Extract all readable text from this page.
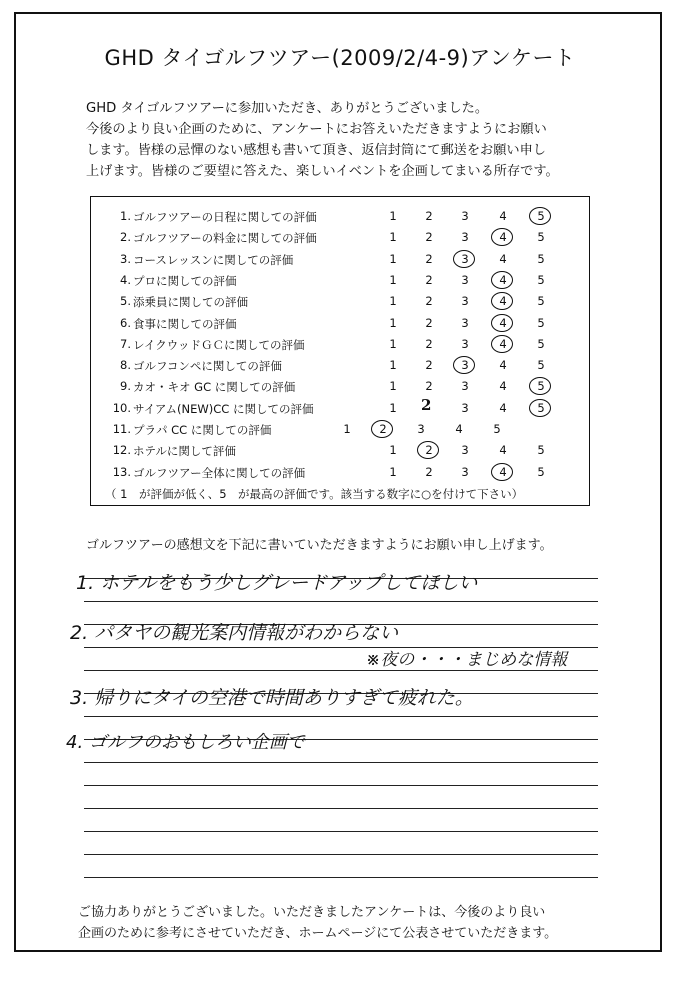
GHD タイゴルフツアー(2009/2/4-9)アンケート
GHD タイゴルフツアーに参加いただき、ありがとうございました。
今後のより良い企画のために、アンケートにお答えいただきますようにお願い
します。皆様の忌憚のない感想も書いて頂き、返信封筒にて郵送をお願い申し
上げます。皆様のご要望に答えた、楽しいイベントを企画してまいる所存です。
（ 1　が評価が低く、5　が最高の評価です。該当する数字に○を付けて下さい）
1. ゴルフツアーの日程に関しての評価	1	2	3	4	5
2. ゴルフツアーの料金に関しての評価	1	2	3	4	5
3. コースレッスンに関しての評価	1	2	3	4	5
4. プロに関しての評価	1	2	3	4	5
5. 添乗員に関しての評価	1	2	3	4	5
6. 食事に関しての評価	1	2	3	4	5
7. レイクウッドＧＣに関しての評価	1	2	3	4	5
8. ゴルフコンペに関しての評価	1	2	3	4	5
9. カオ・キオ GC に関しての評価	1	2	3	4	5
10. サイアム(NEW)CC に関しての評価	1	2	3	4	5
11. プラパ CC に関しての評価	1	2	3	4	5
12. ホテルに関して評価	1	2	3	4	5
13. ゴルフツアー全体に関しての評価	1	2	3	4	5
ゴルフツアーの感想文を下記に書いていただきますようにお願い申し上げます。
1. ホテルをもう少しグレードアップしてほしい
2. パタヤの観光案内情報がわからない
※夜の・・・まじめな情報
3. 帰りにタイの空港で時間ありすぎて疲れた。
4. ゴルフのおもしろい企画で
ご協力ありがとうございました。いただきましたアンケートは、今後のより良い
企画のために参考にさせていただき、ホームページにて公表させていただきます。
